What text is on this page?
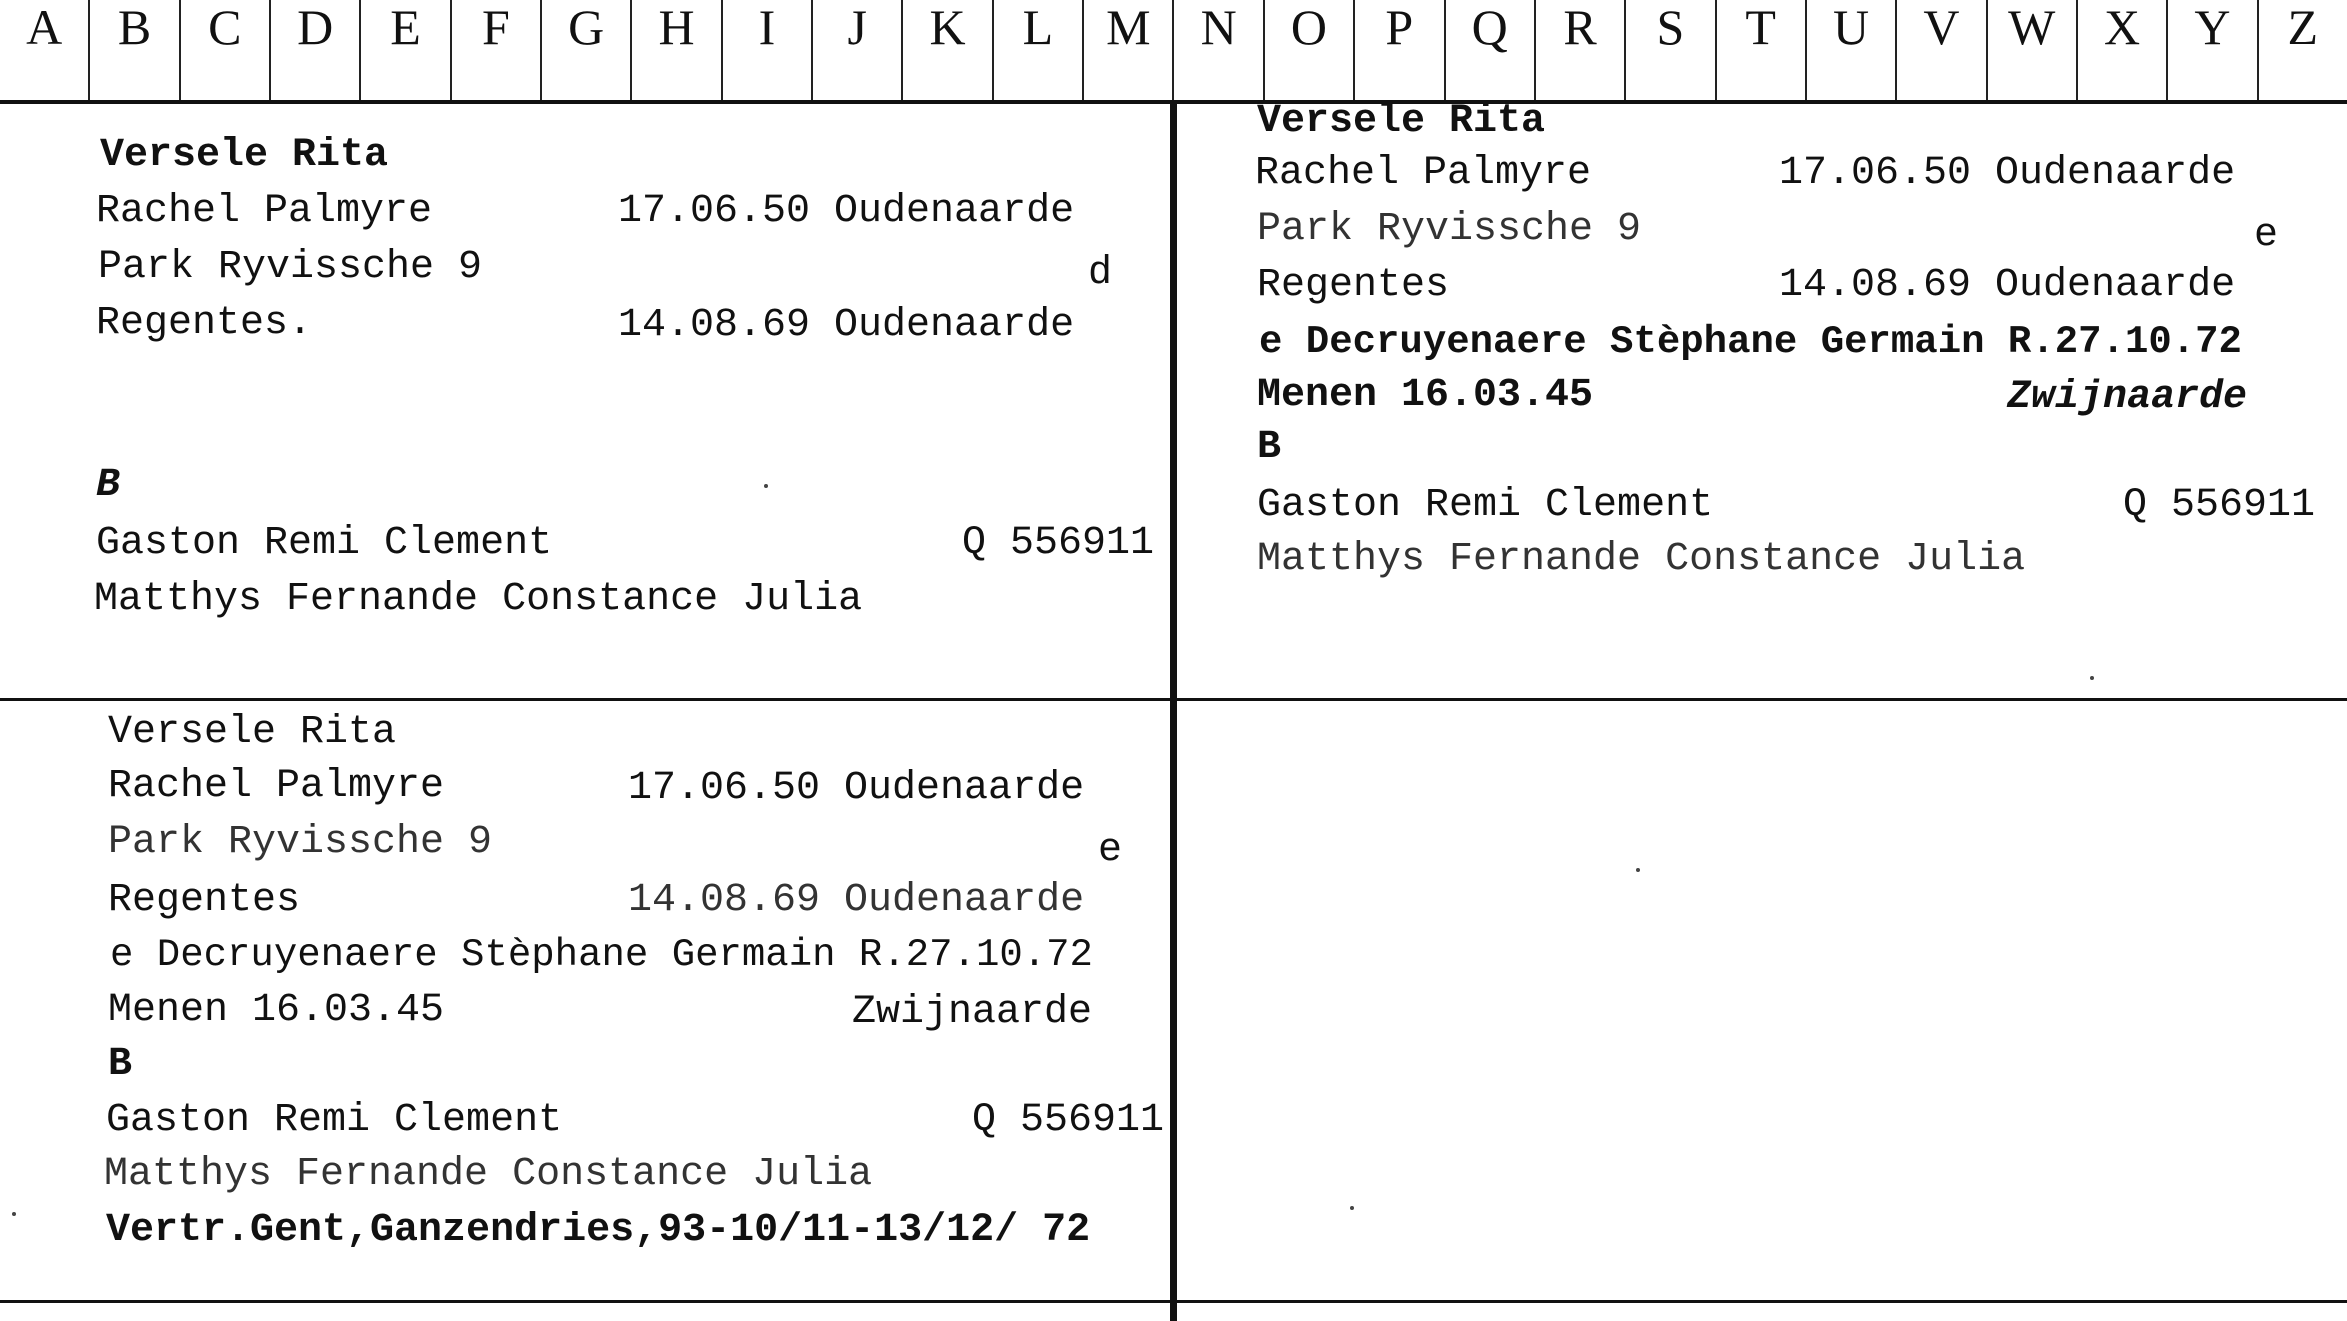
A	B	C	D	E	F	G	H	I	J	K	L	M	N	O	P	Q	R	S	T	U	V W X	Y	Z
Versele Rita
Rachel Palmyre	17.06.50 Oudenaarde
Park Ryvissche 9	d
Regentes.	14.08.69 Oudenaarde
B
Gaston Remi Clement	Q 556911
Matthys Fernande Constance Julia
Versele Rita
Rachel Palmyre	17.06.50 Oudenaarde
Park Ryvissche 9	e
Regentes	14.08.69 Oudenaarde
e Decruyenaere Stèphane Germain R.27.10.72
Menen 16.03.45	Zwijnaarde
B
Gaston Remi Clement	Q 556911
Matthys Fernande Constance Julia
Versele Rita
Rachel Palmyre	17.06.50 Oudenaarde
Park Ryvissche 9	e
Regentes	14.08.69 Oudenaarde
e Decruyenaere Stèphane Germain R.27.10.72
Menen 16.03.45	Zwijnaarde
B
Gaston Remi Clement	Q 556911
Matthys Fernande Constance Julia
Vertr.Gent,Ganzendries,93-10/11-13/12/ 72
